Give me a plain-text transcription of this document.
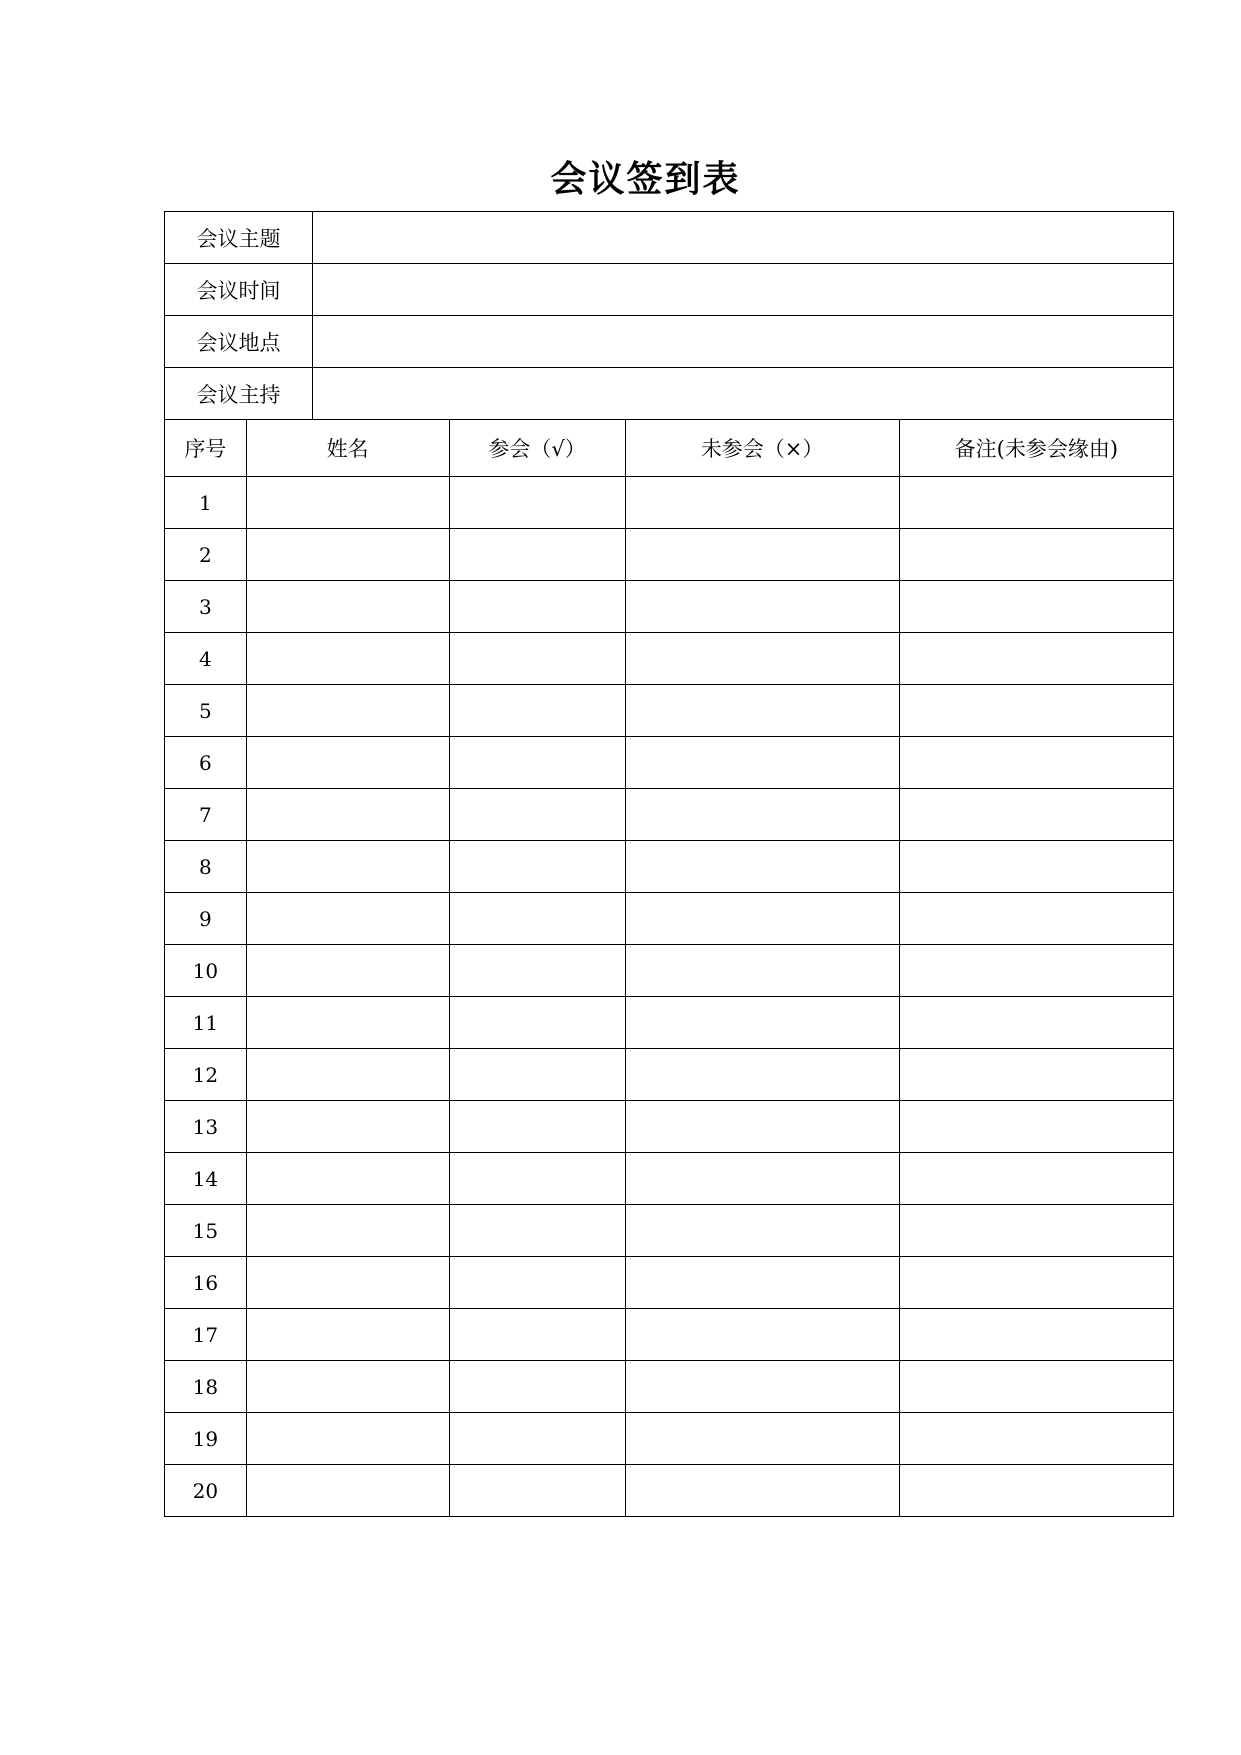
会议签到表
会议主题	
会议时间	
会议地点	
会议主持	
序号	姓名	参会（√）	未参会（×）	备注(未参会缘由)
1				
2				
3				
4				
5				
6				
7				
8				
9				
10				
11				
12				
13				
14				
15				
16				
17				
18				
19				
20				
